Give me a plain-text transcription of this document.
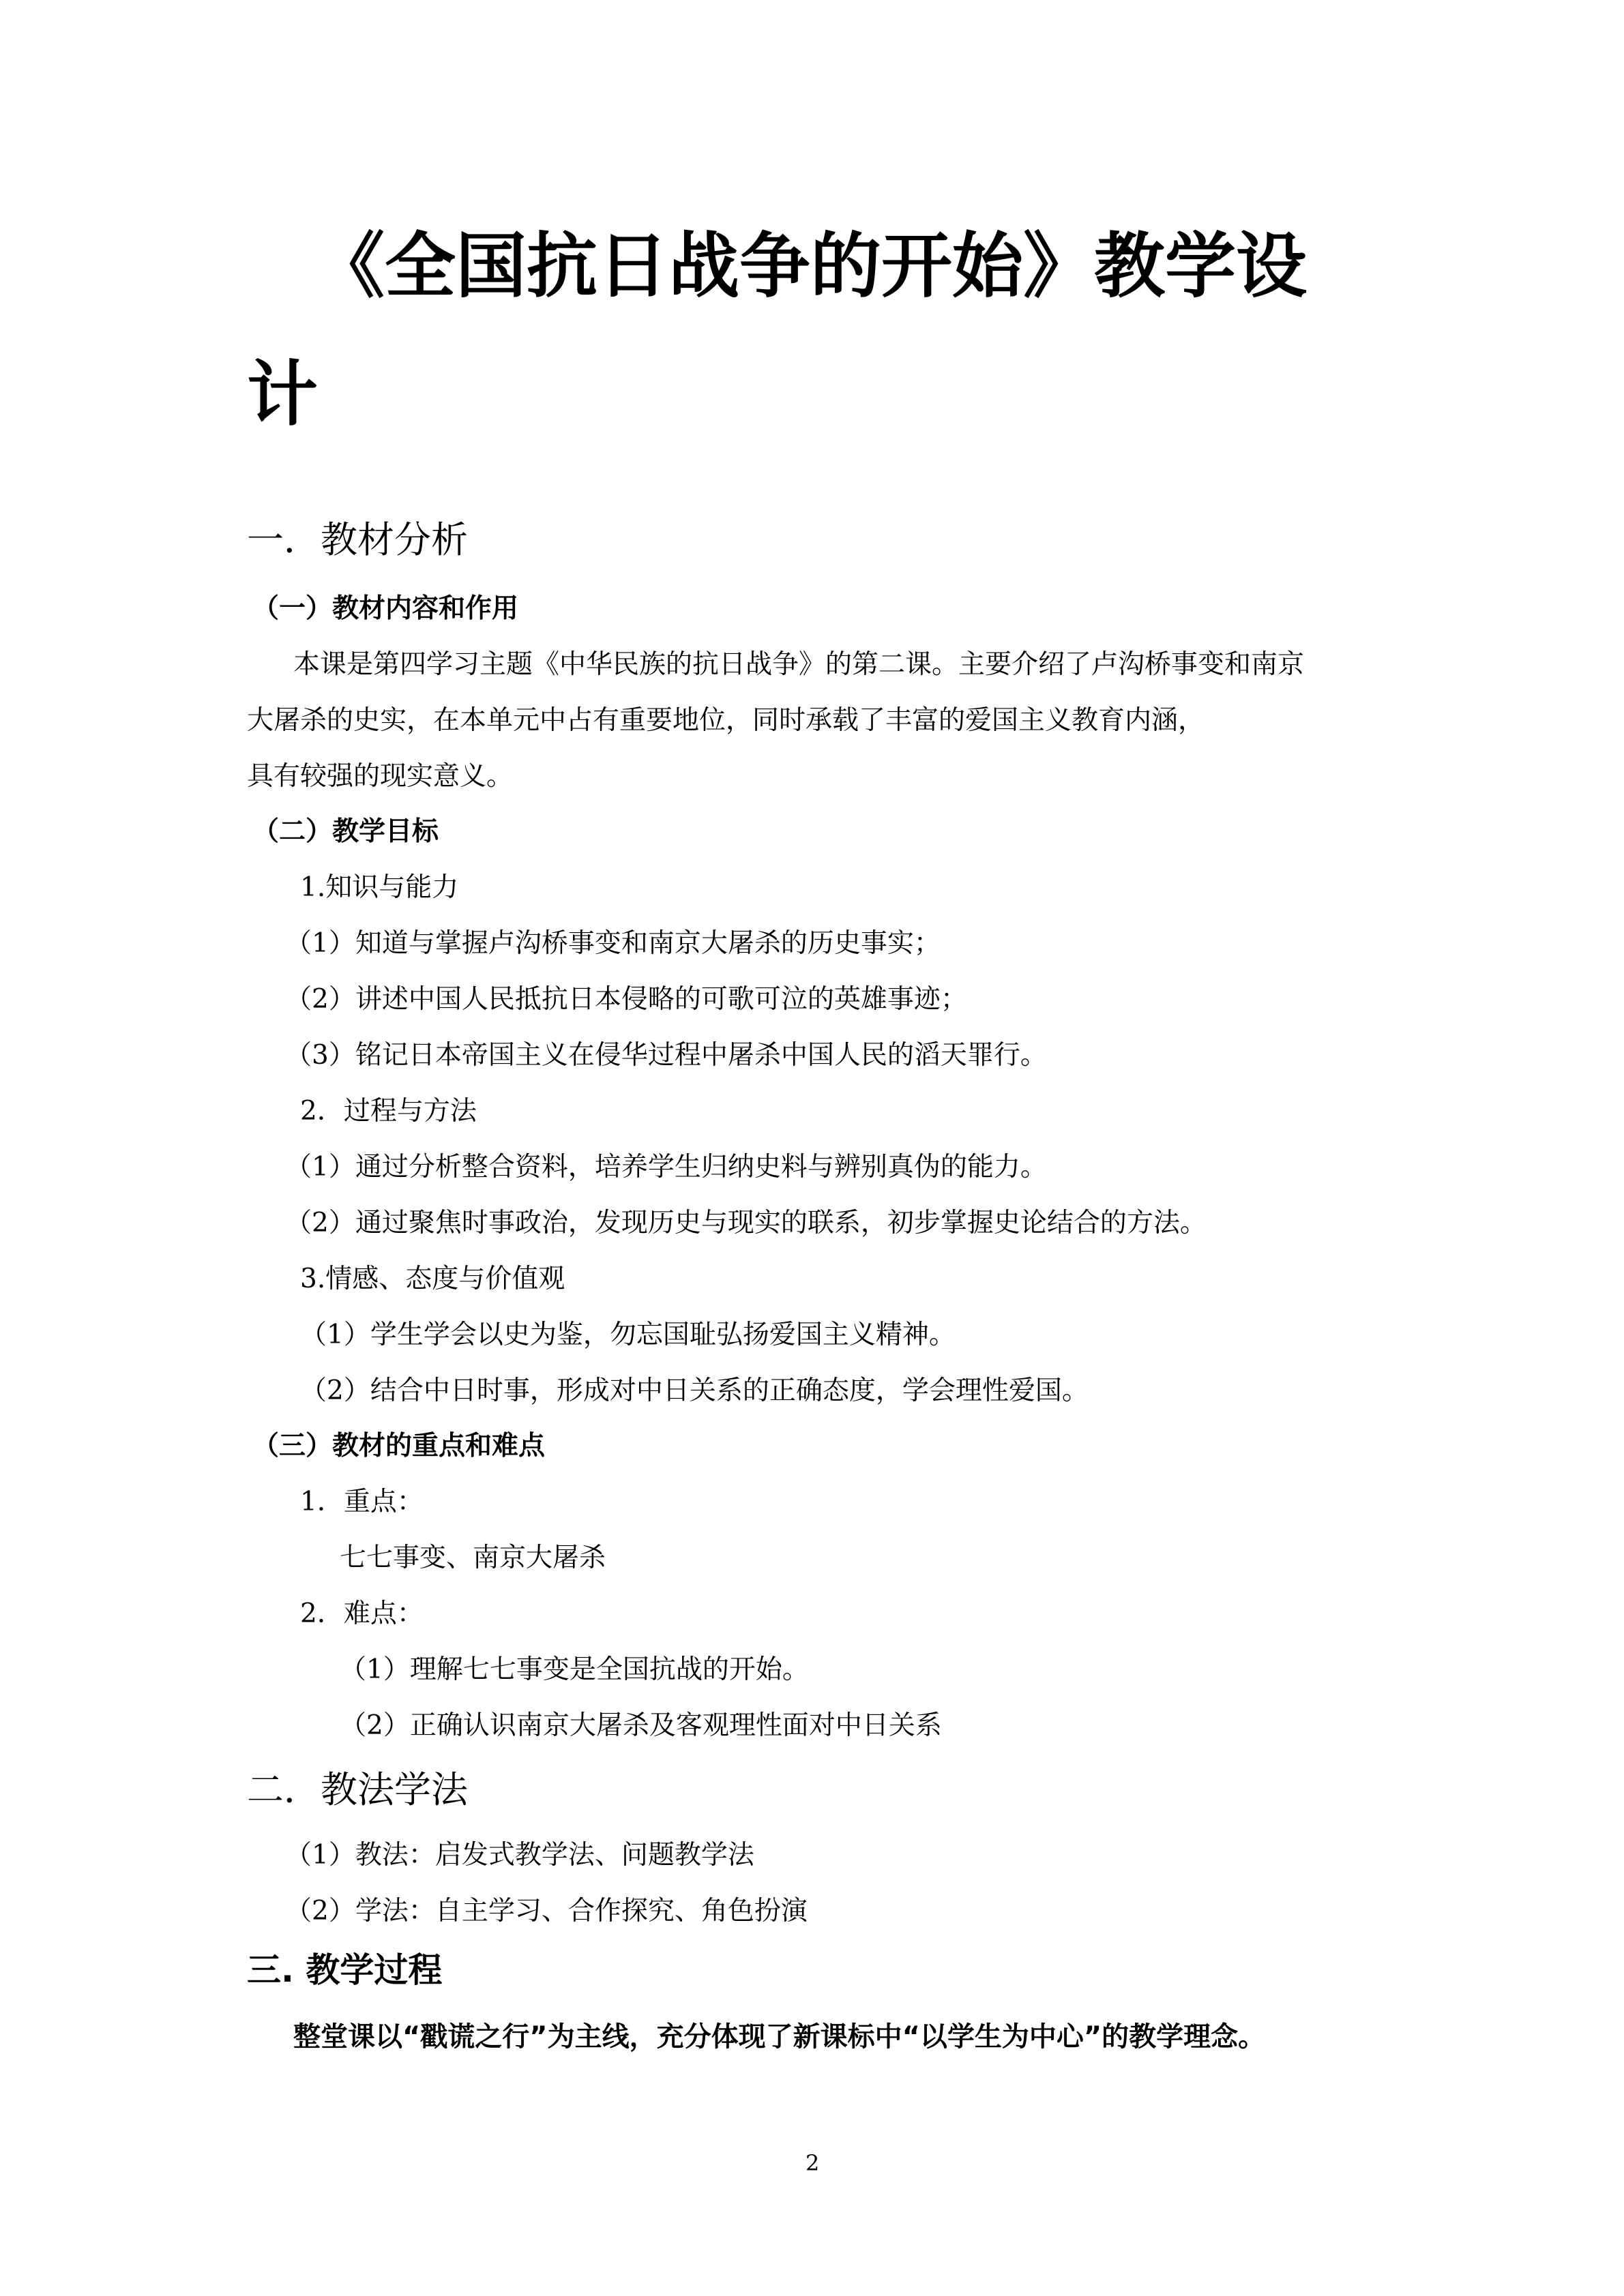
《全国抗日战争的开始》教学设
计
一．教材分析
（一）教材内容和作用
本课是第四学习主题《中华民族的抗日战争》的第二课。主要介绍了卢沟桥事变和南京
大屠杀的史实，在本单元中占有重要地位，同时承载了丰富的爱国主义教育内涵，
具有较强的现实意义。
（二）教学目标
1.知识与能力
（1）知道与掌握卢沟桥事变和南京大屠杀的历史事实；
（2）讲述中国人民抵抗日本侵略的可歌可泣的英雄事迹；
（3）铭记日本帝国主义在侵华过程中屠杀中国人民的滔天罪行。
2．过程与方法
（1）通过分析整合资料，培养学生归纳史料与辨别真伪的能力。
（2）通过聚焦时事政治，发现历史与现实的联系，初步掌握史论结合的方法。
3.情感、态度与价值观
（1）学生学会以史为鉴，勿忘国耻弘扬爱国主义精神。
（2）结合中日时事，形成对中日关系的正确态度，学会理性爱国。
（三）教材的重点和难点
1．重点：
七七事变、南京大屠杀
2．难点：
（1）理解七七事变是全国抗战的开始。
（2）正确认识南京大屠杀及客观理性面对中日关系
二．教法学法
（1）教法：启发式教学法、问题教学法
（2）学法：自主学习、合作探究、角色扮演
三. 教学过程
整堂课以“戳谎之行”为主线，充分体现了新课标中“以学生为中心”的教学理念。
2
